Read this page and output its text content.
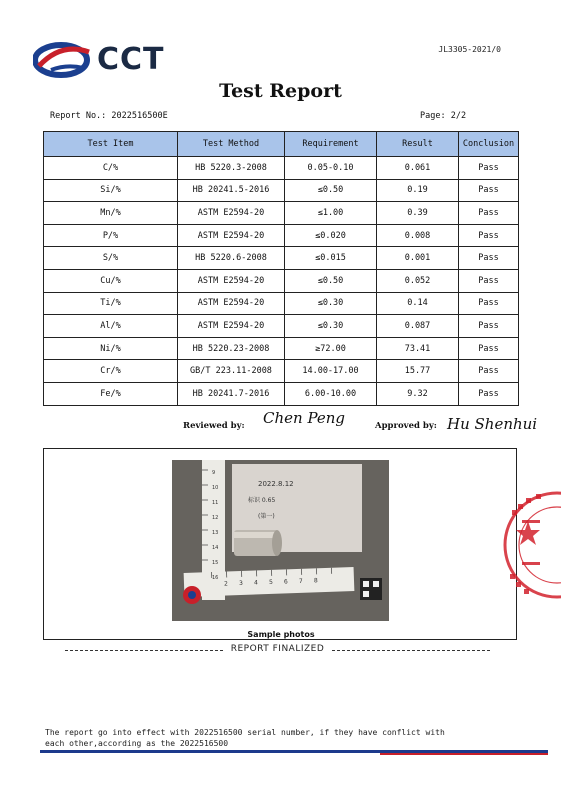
CCT	JL3305-2021/0
Test Report
Report No.: 2022516500E	Page: 2/2
Test Item	Test Method	Requirement	Result	Conclusion
C/%	HB 5220.3-2008	0.05-0.10	0.061	Pass
Si/%	HB 20241.5-2016	≤0.50	0.19	Pass
Mn/%	ASTM E2594-20	≤1.00	0.39	Pass
P/%	ASTM E2594-20	≤0.020	0.008	Pass
S/%	HB 5220.6-2008	≤0.015	0.001	Pass
Cu/%	ASTM E2594-20	≤0.50	0.052	Pass
Ti/%	ASTM E2594-20	≤0.30	0.14	Pass
Al/%	ASTM E2594-20	≤0.30	0.087	Pass
Ni/%	HB 5220.23-2008	≥72.00	73.41	Pass
Cr/%	GB/T 223.11-2008	14.00-17.00	15.77	Pass
Fe/%	HB 20241.7-2016	6.00-10.00	9.32	Pass
Reviewed by: Chen Peng	Approved by: Hu Shenhui
2022.8.12
标识 0.65
(第一)
2 3 4 5 6 7 8
9
10
11
12
13
14
15
16
Sample photos
REPORT FINALIZED
The report go into effect with 2022516500 serial number, if they have conflict with each other,according as the 2022516500
